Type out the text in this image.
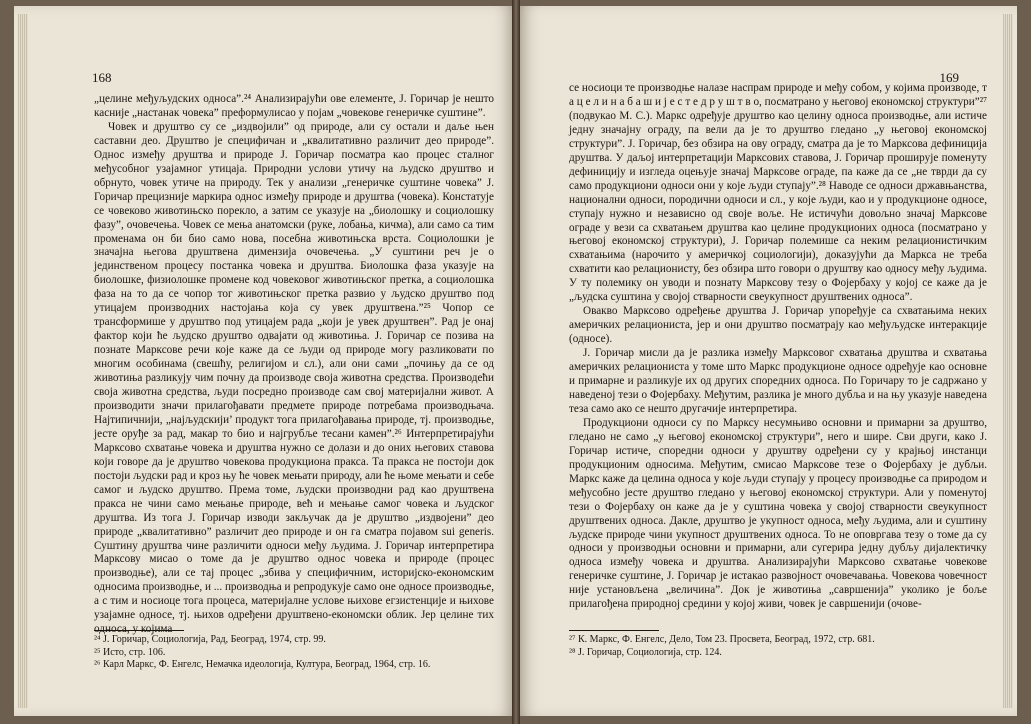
168

„целине међуљудских односа”.²⁴ Анализирајући ове елементе, Ј. Горичар је нешто касније „настанак човека” преформулисао у појам „човекове генеричке суштине”.

Човек и друштво су се „издвојили” од природе, али су остали и даље њен саставни део. Друштво је специфичан и „квалитативно различит део природе”. Однос између друштва и природе Ј. Горичар посматра као процес сталног међусобног узајамног утицаја. Природни услови утичу на људско друштво и обрнуто, човек утиче на природу. Тек у анализи „генеричке суштине човека” Ј. Горичар прецизније маркира однос између природе и друштва (човека). Констатује се човеково животињско порекло, а затим се указује на „биолошку и социолошку фазу”, очовечења. Човек се мења анатомски (руке, лобања, кичма), али само са тим променама он би био само нова, посебна животињска врста. Социолошки је значајна његова друштвена димензија очовечења. „У суштини реч је о јединственом процесу постанка човека и друштва. Биолошка фаза указује на биолошке, физиолошке промене код човековог животињског претка, а социолошка фаза на то да се чопор тог животињског претка развио у људско друштво под утицајем производних настојања која су увек друштвена.”²⁵ Чопор се трансформише у друштво под утицајем рада „који је увек друштвен”. Рад је онај фактор који ће људско друштво одвајати од животиња. Ј. Горичар се позива на познате Марксове речи које каже да се људи од природе могу разликовати по многим особинама (свешћу, религијом и сл.), али они сами „почињу да се од животиња разликују чим почну да производе своја животна средства. Производећи своја животна средства, људи посредно производе сам свој материјални живот. А производити значи прилагођавати предмете природе потребама производњача. Најтипичнији, „најљудскији’ продукт тога прилагођавања природе, тј. производње, јесте оруђе за рад, макар то био и најгрубље тесани камен”.²⁶ Интерпретирајући Марксово схватање човека и друштва нужно се долази и до оних његових ставова који говоре да је друштво човекова продукциона пракса. Та пракса не постоји док постоји људски рад и кроз њу ће човек мењати природу, али ће њоме мењати и себе самог и људско друштво. Према томе, људски производни рад као друштвена пракса не чини само мењање природе, већ и мењање самог човека и људског друштва. Из тога Ј. Горичар изводи закључак да је друштво „издвојени” део природе „квалитативно” различит део природе и он га сматра појавом sui generis. Суштину друштва чине различити односи међу људима. Ј. Горичар интерпретира Марксову мисао о томе да је друштво однос човека и природе (процес производње), али се тај процес „збива у специфичним, историјско-економским односима производње, и ... производња и репродукује само оне односе производње, а с тим и носиоце тога процеса, материјалне услове њихове егзистенције и њихове узајамне односе, тј. њихов одређени друштвено-економски облик. Јер целине тих

²⁴ Ј. Горичар, Социологија, Рад, Београд, 1974, стр. 99.
²⁵ Исто, стр. 106.
²⁶ Карл Маркс, Ф. Енгелс, Немачка идеологија, Култура, Београд, 1964, стр. 16.
169

се носиоци те производње налазе наспрам природе и међу собом, у којима производе, т а ц е л и н а б а ш и ј е с т е д р у ш т в о, посматрано у његовој економској структури”²⁷ (подвукао М. С.). Маркс одређује друштво као целину односа производње, али истиче једну значајну ограду, па вели да је то друштво гледано „у његовој економској структури”. Ј. Горичар, без обзира на ову ограду, сматра да је то Марксова дефиниција друштва. У даљој интерпретацији Марксових ставова, Ј. Горичар проширује поменуту дефиницију и изглeда оцењује значај Марксове ограде, па каже да се „не тврди да су само продукциони односи они у које људи ступају”.²⁸ Наводе се односи државњанства, национални односи, породични односи и сл., у које људи, као и у продукционе односе, ступају нужно и независно од своје воље. Не истичући довољно значај Марксове ограде у вези са схватањем друштва као целине продукционих односа (посматрано у његовој економској структури), Ј. Горичар полемише са неким релационистичким схватањима (нарочито у америчкој социологији), доказујући да Маркса не треба схватити као релационисту, без обзира што говори о друштву као односу међу људима. У ту полемику он уводи и познату Марксову тезу о Фојербаху у којој се каже да је „људска суштина у својој стварности свеукупност друштвених односа”.

Овакво Марксово одређење друштва Ј. Горичар упоређује са схватањима неких америчких релациониста, јер и они друштво посматрају као међуљудске интеракције (односе).

Ј. Горичар мисли да је разлика између Марксовог схватања друштва и схватања америчких релациониста у томе што Маркс продукционе односе одређује као основне и примарне и разликује их од других споредних односа. По Горичару то је садржано у наведеној тези о Фојербаху. Међутим, разлика је много дубља и на њу указује наведена теза само ако се нешто другачије интерпретира.

Продукциони односи су по Марксу несумњиво основни и примарни за друштво, гледано не само „у његовој економској структури”, него и шире. Сви други, како Ј. Горичар истиче, споредни односи у друштву одређени су у крајњој инстанци продукционим односима. Међутим, смисао Марксове тезе о Фојербаху је дубљи. Маркс каже да целина односа у које људи ступају у процесу производње са природом и међусобно јесте друштво гледано у његовој економској структури. Али у поменутој тези о Фојербаху он каже да је у суштина човека у својој стварности свеукупност друштвених односа. Дакле, друштво је укупност односа, међу људима, али и суштину људске природе чини укупност друштвених односа. То не оповргава тезу о томе да су односи у производњи основни и примарни, али сугерира једну дубљу дијалектичку односа између човека и друштва. Анализирајући Марксово схватање човекове генеричке суштине, Ј. Горичар је истакао развојност очовечавања. Човекова човечност није установљена „величина”. Док је животиња „савршенија” уколико је боље прилагођена природној средини у којој живи, човек је савршенији (очове-

²⁷ К. Маркс, Ф. Енгелс, Дело, Том 23. Просвета, Београд, 1972, стр. 681.
²⁸ Ј. Горичар, Социологија, стр. 124.
